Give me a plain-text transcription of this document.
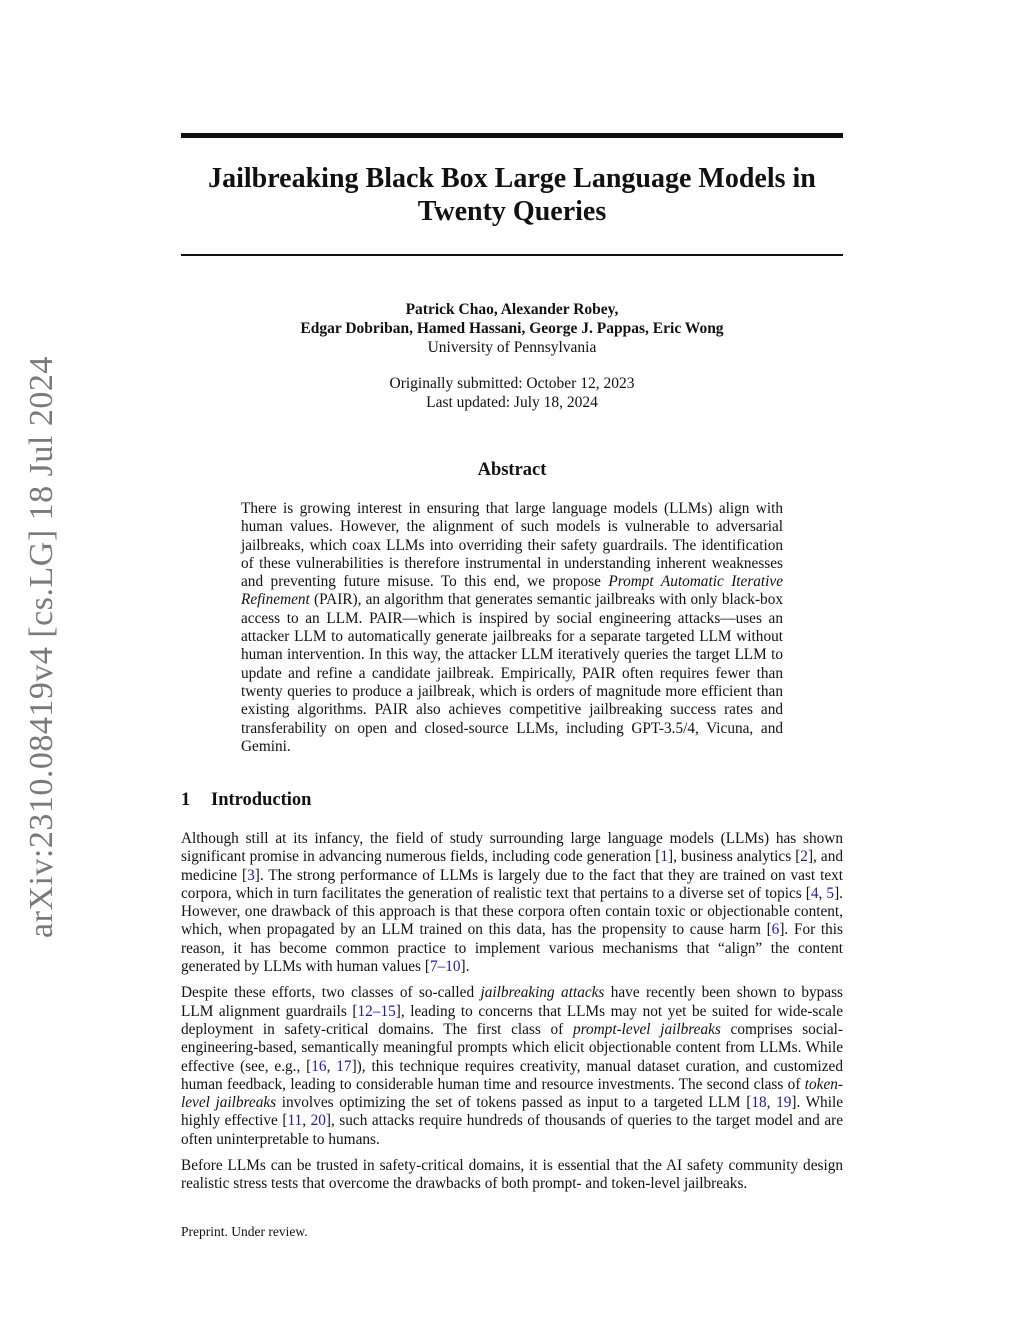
arXiv:2310.08419v4 [cs.LG] 18 Jul 2024
Jailbreaking Black Box Large Language Models in
Twenty Queries
Patrick Chao, Alexander Robey,
Edgar Dobriban, Hamed Hassani, George J. Pappas, Eric Wong
University of Pennsylvania
Originally submitted: October 12, 2023
Last updated: July 18, 2024
Abstract
There is growing interest in ensuring that large language models (LLMs) align with human values. However, the alignment of such models is vulnerable to adversarial jailbreaks, which coax LLMs into overriding their safety guardrails. The identification of these vulnerabilities is therefore instrumental in understanding inherent weaknesses and preventing future misuse. To this end, we propose Prompt Automatic Iterative Refinement (PAIR), an algorithm that generates semantic jailbreaks with only black-box access to an LLM. PAIR—which is inspired by social engineering attacks—uses an attacker LLM to automatically generate jailbreaks for a separate targeted LLM without human intervention. In this way, the attacker LLM iteratively queries the target LLM to update and refine a candidate jailbreak. Empirically, PAIR often requires fewer than twenty queries to produce a jailbreak, which is orders of magnitude more efficient than existing algorithms. PAIR also achieves competitive jailbreaking success rates and transferability on open and closed-source LLMs, including GPT-3.5/4, Vicuna, and Gemini.
1 Introduction

Although still at its infancy, the field of study surrounding large language models (LLMs) has shown significant promise in advancing numerous fields, including code generation [1], business analytics [2], and medicine [3]. The strong performance of LLMs is largely due to the fact that they are trained on vast text corpora, which in turn facilitates the generation of realistic text that pertains to a diverse set of topics [4, 5]. However, one drawback of this approach is that these corpora often contain toxic or objectionable content, which, when propagated by an LLM trained on this data, has the propensity to cause harm [6]. For this reason, it has become common practice to implement various mechanisms that “align” the content generated by LLMs with human values [7–10].

Despite these efforts, two classes of so-called jailbreaking attacks have recently been shown to bypass LLM alignment guardrails [12–15], leading to concerns that LLMs may not yet be suited for wide-scale deployment in safety-critical domains. The first class of prompt-level jailbreaks comprises social-engineering-based, semantically meaningful prompts which elicit objectionable content from LLMs. While effective (see, e.g., [16, 17]), this technique requires creativity, manual dataset curation, and customized human feedback, leading to considerable human time and resource investments. The second class of token-level jailbreaks involves optimizing the set of tokens passed as input to a targeted LLM [18, 19]. While highly effective [11, 20], such attacks require hundreds of thousands of queries to the target model and are often uninterpretable to humans.

Before LLMs can be trusted in safety-critical domains, it is essential that the AI safety community design realistic stress tests that overcome the drawbacks of both prompt- and token-level jailbreaks.

Preprint. Under review.
